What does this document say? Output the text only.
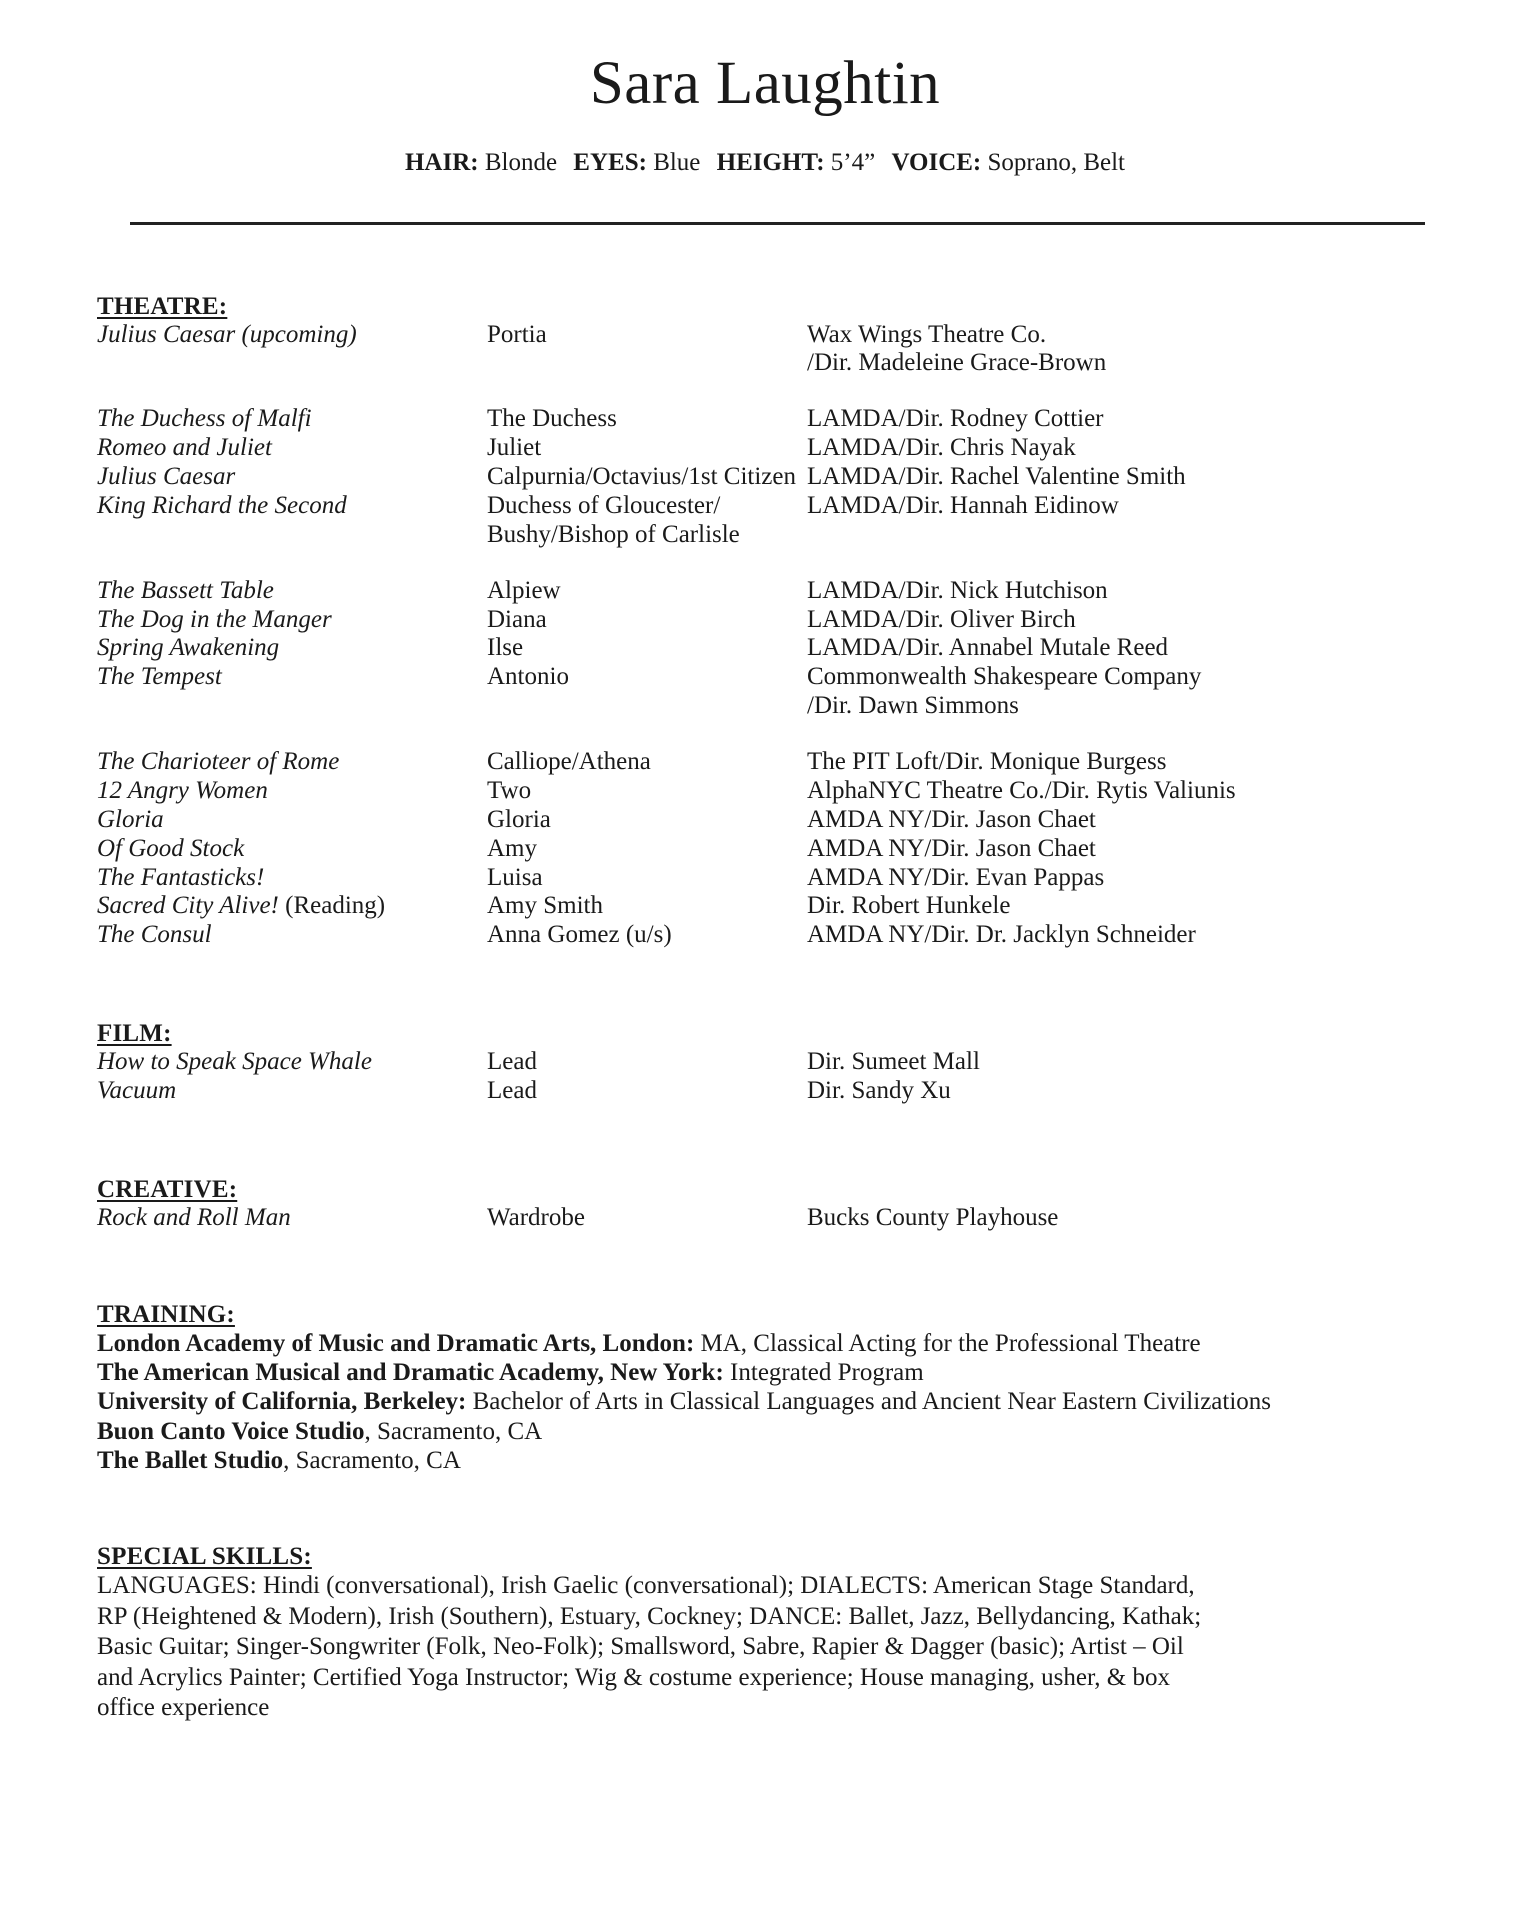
Sara Laughtin
HAIR: Blonde EYES: Blue HEIGHT: 5’4” VOICE: Soprano, Belt
THEATRE:
Julius Caesar (upcoming)	Portia	Wax Wings Theatre Co.
		/Dir. Madeleine Grace-Brown

The Duchess of Malfi	The Duchess	LAMDA/Dir. Rodney Cottier
Romeo and Juliet	Juliet	LAMDA/Dir. Chris Nayak
Julius Caesar	Calpurnia/Octavius/1st Citizen	LAMDA/Dir. Rachel Valentine Smith
King Richard the Second	Duchess of Gloucester/	LAMDA/Dir. Hannah Eidinow
	Bushy/Bishop of Carlisle	

The Bassett Table	Alpiew	LAMDA/Dir. Nick Hutchison
The Dog in the Manger	Diana	LAMDA/Dir. Oliver Birch
Spring Awakening	Ilse	LAMDA/Dir. Annabel Mutale Reed
The Tempest	Antonio	Commonwealth Shakespeare Company
		/Dir. Dawn Simmons

The Charioteer of Rome	Calliope/Athena	The PIT Loft/Dir. Monique Burgess
12 Angry Women	Two	AlphaNYC Theatre Co./Dir. Rytis Valiunis
Gloria	Gloria	AMDA NY/Dir. Jason Chaet
Of Good Stock	Amy	AMDA NY/Dir. Jason Chaet
The Fantasticks!	Luisa	AMDA NY/Dir. Evan Pappas
Sacred City Alive! (Reading)	Amy Smith	Dir. Robert Hunkele
The Consul	Anna Gomez (u/s)	AMDA NY/Dir. Dr. Jacklyn Schneider
FILM:
How to Speak Space Whale	Lead	Dir. Sumeet Mall
Vacuum	Lead	Dir. Sandy Xu
CREATIVE:
Rock and Roll Man	Wardrobe	Bucks County Playhouse
TRAINING:
London Academy of Music and Dramatic Arts, London: MA, Classical Acting for the Professional Theatre
The American Musical and Dramatic Academy, New York: Integrated Program
University of California, Berkeley: Bachelor of Arts in Classical Languages and Ancient Near Eastern Civilizations
Buon Canto Voice Studio, Sacramento, CA
The Ballet Studio, Sacramento, CA
SPECIAL SKILLS:
LANGUAGES: Hindi (conversational), Irish Gaelic (conversational); DIALECTS: American Stage Standard, RP (Heightened & Modern), Irish (Southern), Estuary, Cockney; DANCE: Ballet, Jazz, Bellydancing, Kathak; Basic Guitar; Singer-Songwriter (Folk, Neo-Folk); Smallsword, Sabre, Rapier & Dagger (basic); Artist – Oil and Acrylics Painter; Certified Yoga Instructor; Wig & costume experience; House managing, usher, & box office experience
